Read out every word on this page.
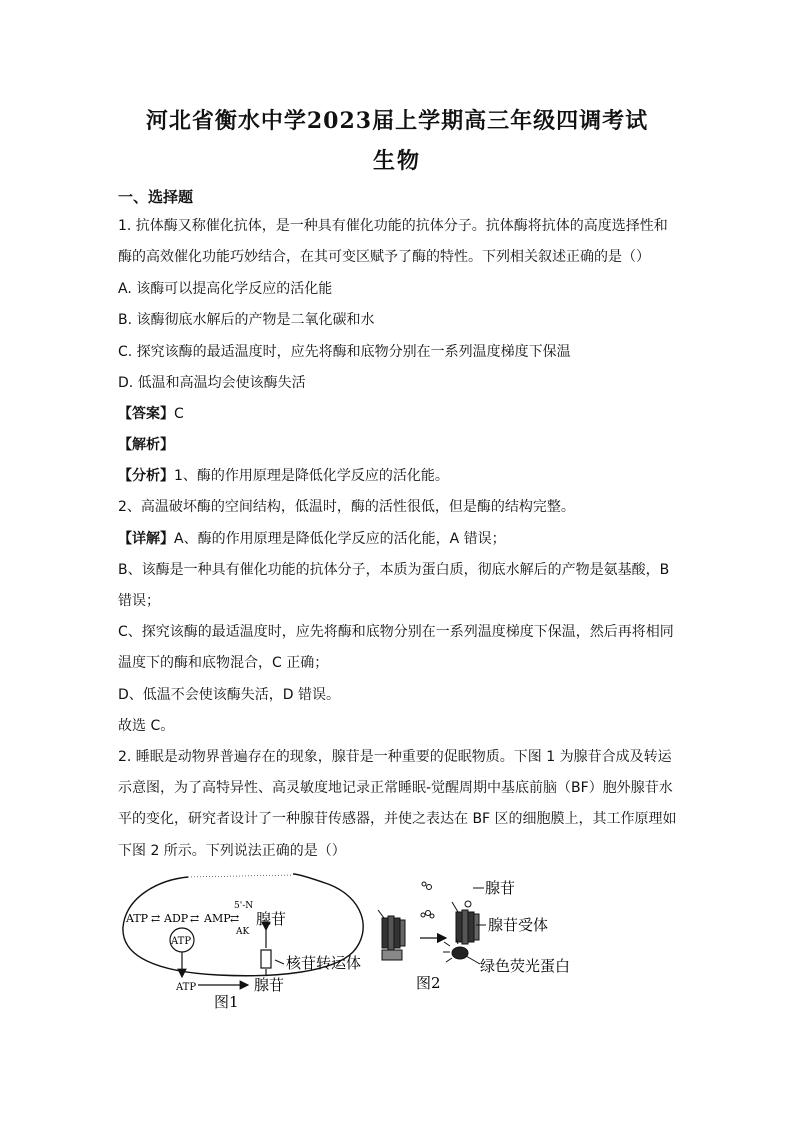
河北省衡水中学2023届上学期高三年级四调考试
生物
一、选择题
1. 抗体酶又称催化抗体，是一种具有催化功能的抗体分子。抗体酶将抗体的高度选择性和
酶的高效催化功能巧妙结合，在其可变区赋予了酶的特性。下列相关叙述正确的是（）
A. 该酶可以提高化学反应的活化能
B. 该酶彻底水解后的产物是二氧化碳和水
C. 探究该酶的最适温度时，应先将酶和底物分别在一系列温度梯度下保温
D. 低温和高温均会使该酶失活
【答案】C
【解析】
【分析】1、酶的作用原理是降低化学反应的活化能。
2、高温破坏酶的空间结构，低温时，酶的活性很低，但是酶的结构完整。
【详解】A、酶的作用原理是降低化学反应的活化能，A 错误；
B、该酶是一种具有催化功能的抗体分子，本质为蛋白质，彻底水解后的产物是氨基酸，B
错误；
C、探究该酶的最适温度时，应先将酶和底物分别在一系列温度梯度下保温，然后再将相同
温度下的酶和底物混合，C 正确；
D、低温不会使该酶失活，D 错误。
故选 C。
2. 睡眠是动物界普遍存在的现象，腺苷是一种重要的促眠物质。下图 1 为腺苷合成及转运
示意图，为了高特异性、高灵敏度地记录正常睡眠-觉醒周期中基底前脑（BF）胞外腺苷水
平的变化，研究者设计了一种腺苷传感器，并使之表达在 BF 区的细胞膜上，其工作原理如
下图 2 所示。下列说法正确的是（）
ATP ⇄ ADP ⇄ AMP ⇄
5'-N
AK
腺苷
ATP
ATP	腺苷
核苷转运体
图1
腺苷
腺苷受体
绿色荧光蛋白
图2
